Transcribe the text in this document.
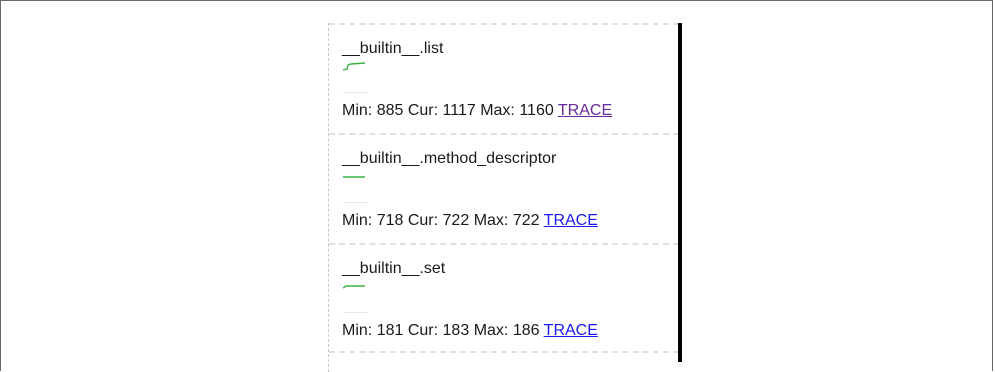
__builtin__.list
Min: 885 Cur: 1117 Max: 1160 TRACE
__builtin__.method_descriptor
Min: 718 Cur: 722 Max: 722 TRACE
__builtin__.set
Min: 181 Cur: 183 Max: 186 TRACE
